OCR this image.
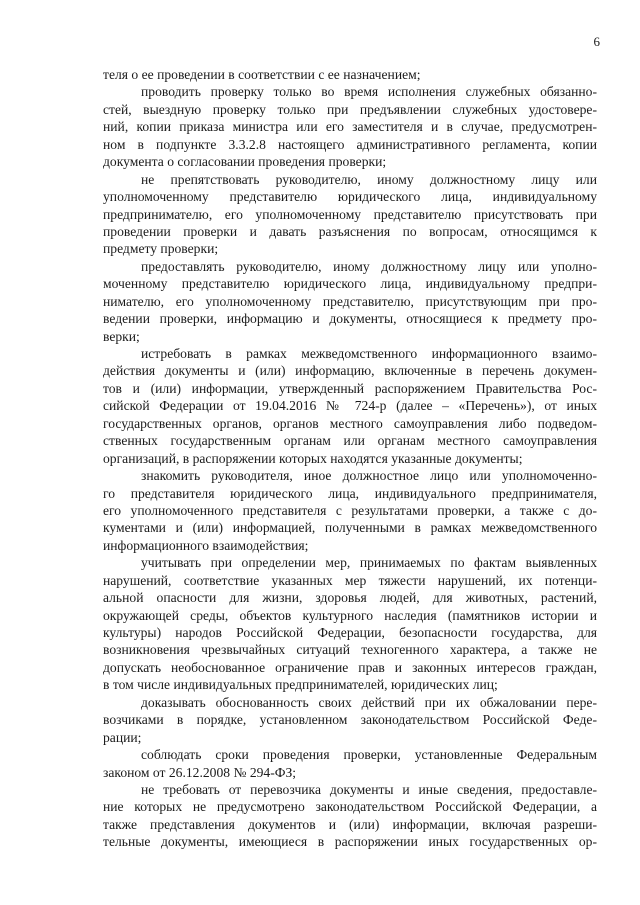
6
теля о ее проведении в соответствии с ее назначением;
проводить проверку только во время исполнения служебных обязанно-
стей, выездную проверку только при предъявлении служебных удостовере-
ний, копии приказа министра или его заместителя и в случае, предусмотрен-
ном в подпункте 3.3.2.8 настоящего административного регламента, копии
документа о согласовании проведения проверки;
не препятствовать руководителю, иному должностному лицу или
уполномоченному представителю юридического лица, индивидуальному
предпринимателю, его уполномоченному представителю присутствовать при
проведении проверки и давать разъяснения по вопросам, относящимся к
предмету проверки;
предоставлять руководителю, иному должностному лицу или уполно-
моченному представителю юридического лица, индивидуальному предпри-
нимателю, его уполномоченному представителю, присутствующим при про-
ведении проверки, информацию и документы, относящиеся к предмету про-
верки;
истребовать в рамках межведомственного информационного взаимо-
действия документы и (или) информацию, включенные в перечень докумен-
тов и (или) информации, утвержденный распоряжением Правительства Рос-
сийской Федерации от 19.04.2016 № 724-р (далее – «Перечень»), от иных
государственных органов, органов местного самоуправления либо подведом-
ственных государственным органам или органам местного самоуправления
организаций, в распоряжении которых находятся указанные документы;
знакомить руководителя, иное должностное лицо или уполномоченно-
го представителя юридического лица, индивидуального предпринимателя,
его уполномоченного представителя с результатами проверки, а также с до-
кументами и (или) информацией, полученными в рамках межведомственного
информационного взаимодействия;
учитывать при определении мер, принимаемых по фактам выявленных
нарушений, соответствие указанных мер тяжести нарушений, их потенци-
альной опасности для жизни, здоровья людей, для животных, растений,
окружающей среды, объектов культурного наследия (памятников истории и
культуры) народов Российской Федерации, безопасности государства, для
возникновения чрезвычайных ситуаций техногенного характера, а также не
допускать необоснованное ограничение прав и законных интересов граждан,
в том числе индивидуальных предпринимателей, юридических лиц;
доказывать обоснованность своих действий при их обжаловании пере-
возчиками в порядке, установленном законодательством Российской Феде-
рации;
соблюдать сроки проведения проверки, установленные Федеральным
законом от 26.12.2008 № 294-ФЗ;
не требовать от перевозчика документы и иные сведения, предоставле-
ние которых не предусмотрено законодательством Российской Федерации, а
также представления документов и (или) информации, включая разреши-
тельные документы, имеющиеся в распоряжении иных государственных ор-
